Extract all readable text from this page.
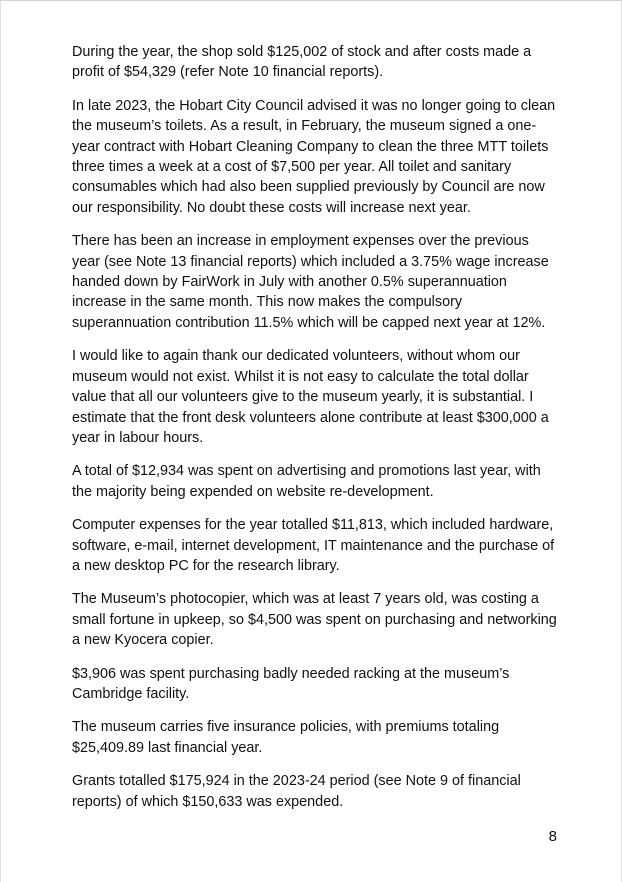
During the year, the shop sold $125,002 of stock and after costs made a profit of $54,329 (refer Note 10 financial reports).

In late 2023, the Hobart City Council advised it was no longer going to clean the museum’s toilets. As a result, in February, the museum signed a one-year contract with Hobart Cleaning Company to clean the three MTT toilets three times a week at a cost of $7,500 per year. All toilet and sanitary consumables which had also been supplied previously by Council are now our responsibility. No doubt these costs will increase next year.

There has been an increase in employment expenses over the previous year (see Note 13 financial reports) which included a 3.75% wage increase handed down by FairWork in July with another 0.5% superannuation increase in the same month. This now makes the compulsory superannuation contribution 11.5% which will be capped next year at 12%.

I would like to again thank our dedicated volunteers, without whom our museum would not exist. Whilst it is not easy to calculate the total dollar value that all our volunteers give to the museum yearly, it is substantial. I estimate that the front desk volunteers alone contribute at least $300,000 a year in labour hours.

A total of $12,934 was spent on advertising and promotions last year, with the majority being expended on website re-development.

Computer expenses for the year totalled $11,813, which included hardware, software, e-mail, internet development, IT maintenance and the purchase of a new desktop PC for the research library.

The Museum’s photocopier, which was at least 7 years old, was costing a small fortune in upkeep, so $4,500 was spent on purchasing and networking a new Kyocera copier.

$3,906 was spent purchasing badly needed racking at the museum’s Cambridge facility.

The museum carries five insurance policies, with premiums totaling $25,409.89 last financial year.

Grants totalled $175,924 in the 2023-24 period (see Note 9 of financial reports) of which $150,633 was expended.

8
